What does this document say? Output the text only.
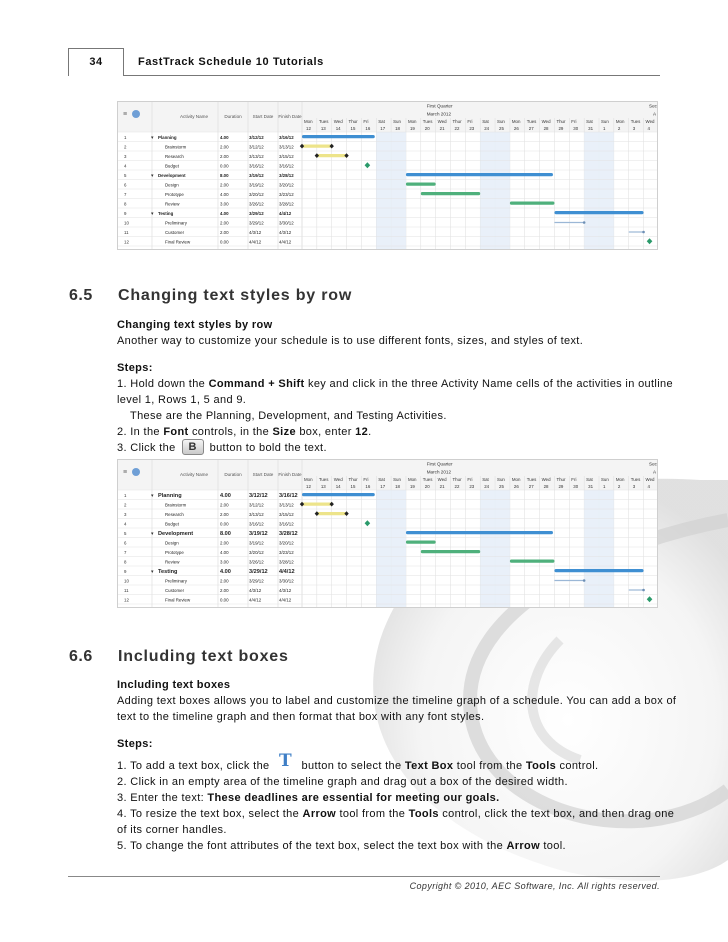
34	FastTrack Schedule 10 Tutorials
≡	Activity Name	Duration Start Date Finish Date
First Quarter	Sec
March 2012	A
Mon
12
Tues
13
Wed
14
Thur
15
Fri
16
Sat
17
Sun
18
Mon
19
Tues
20
Wed
21
Thur
22
Fri
23
Sat
24
Sun
25
Mon
26
Tues
27
Wed
28
Thur
29
Fri
30
Sat
31
Sun
1
Mon
2
Tues
3
Wed
4
1	▾ Planning	4.00	3/12/12	3/16/12
2	Brainstorm	2.00	3/12/12	3/13/12
3	Research	2.00	3/13/12	3/15/12
4	Budget	0.00	3/16/12	3/16/12
5	▾ Development	8.00	3/19/12	3/28/12
6	Design	2.00	3/19/12	3/20/12
7	Prototype	4.00	3/20/12	3/23/12
8	Review	3.00	3/26/12	3/28/12
9	▾ Testing	4.00	3/29/12	4/4/12
10	Preliminary	2.00	3/29/12	3/30/12
11	Customer	2.00	4/3/12	4/3/12
12	Final Review	0.00	4/4/12	4/4/12
6.5 Changing text styles by row

Changing text styles by row

Another way to customize your schedule is to use different fonts, sizes, and styles of text.

Steps:

1. Hold down the Command + Shift key and click in the three Activity Name cells of the activities in outline level 1, Rows 1, 5 and 9.

These are the Planning, Development, and Testing Activities.

2. In the Font controls, in the Size box, enter 12.

3. Click the B button to bold the text.

≡	Activity Name	Duration Start Date Finish Date
First Quarter	Sec
March 2012	A
Mon
12
Tues
13
Wed
14
Thur
15
Fri
16
Sat
17
Sun
18
Mon
19
Tues
20
Wed
21
Thur
22
Fri
23
Sat
24
Sun
25
Mon
26
Tues
27
Wed
28
Thur
29
Fri
30
Sat
31
Sun
1
Mon
2
Tues
3
Wed
4
1	▾ Planning	4.00	3/12/12 3/16/12
2	Brainstorm	2.00	3/12/12	3/13/12
3	Research	2.00	3/13/12	3/15/12
4	Budget	0.00	3/16/12	3/16/12
5	▾ Development	8.00	3/19/12 3/28/12
6	Design	2.00	3/19/12	3/20/12
7	Prototype	4.00	3/20/12	3/23/12
8	Review	3.00	3/26/12	3/28/12
9	▾ Testing	4.00	3/29/12 4/4/12
10	Preliminary	2.00	3/29/12	3/30/12
11	Customer	2.00	4/3/12	4/3/12
12	Final Review	0.00	4/4/12	4/4/12
6.6 Including text boxes

Including text boxes

Adding text boxes allows you to label and customize the timeline graph of a schedule. You can add a box of text to the timeline graph and then format that box with any font styles.

Steps:

1. To add a text box, click the T button to select the Text Box tool from the Tools control.

2. Click in an empty area of the timeline graph and drag out a box of the desired width.

3. Enter the text: These deadlines are essential for meeting our goals.

4. To resize the text box, select the Arrow tool from the Tools control, click the text box, and then drag one of its corner handles.

5. To change the font attributes of the text box, select the text box with the Arrow tool.

Copyright © 2010, AEC Software, Inc. All rights reserved.
